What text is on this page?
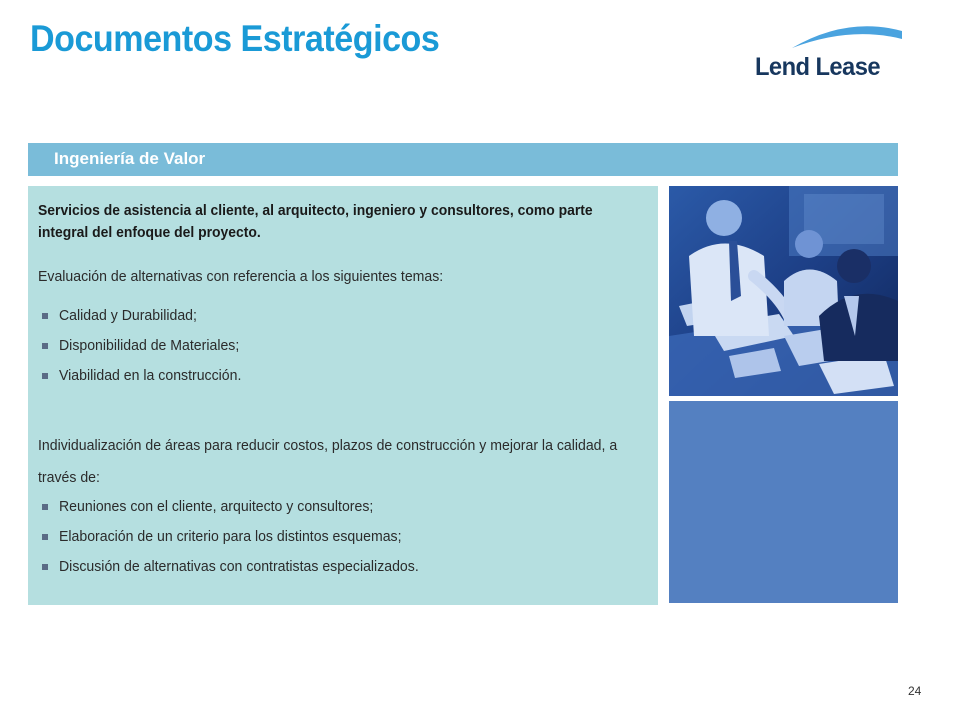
Documentos Estratégicos
Lend Lease
Ingeniería de Valor
Servicios de asistencia al cliente, al arquitecto, ingeniero y consultores, como parte integral del enfoque del proyecto.
Evaluación de alternativas con referencia a los siguientes temas:
Calidad y Durabilidad;
Disponibilidad de Materiales;
Viabilidad en la construcción.
Individualización de áreas para reducir costos, plazos de construcción y mejorar la calidad, a través de:
Reuniones con el cliente, arquitecto y consultores;
Elaboración de un criterio para los distintos esquemas;
Discusión de alternativas con contratistas especializados.
24
